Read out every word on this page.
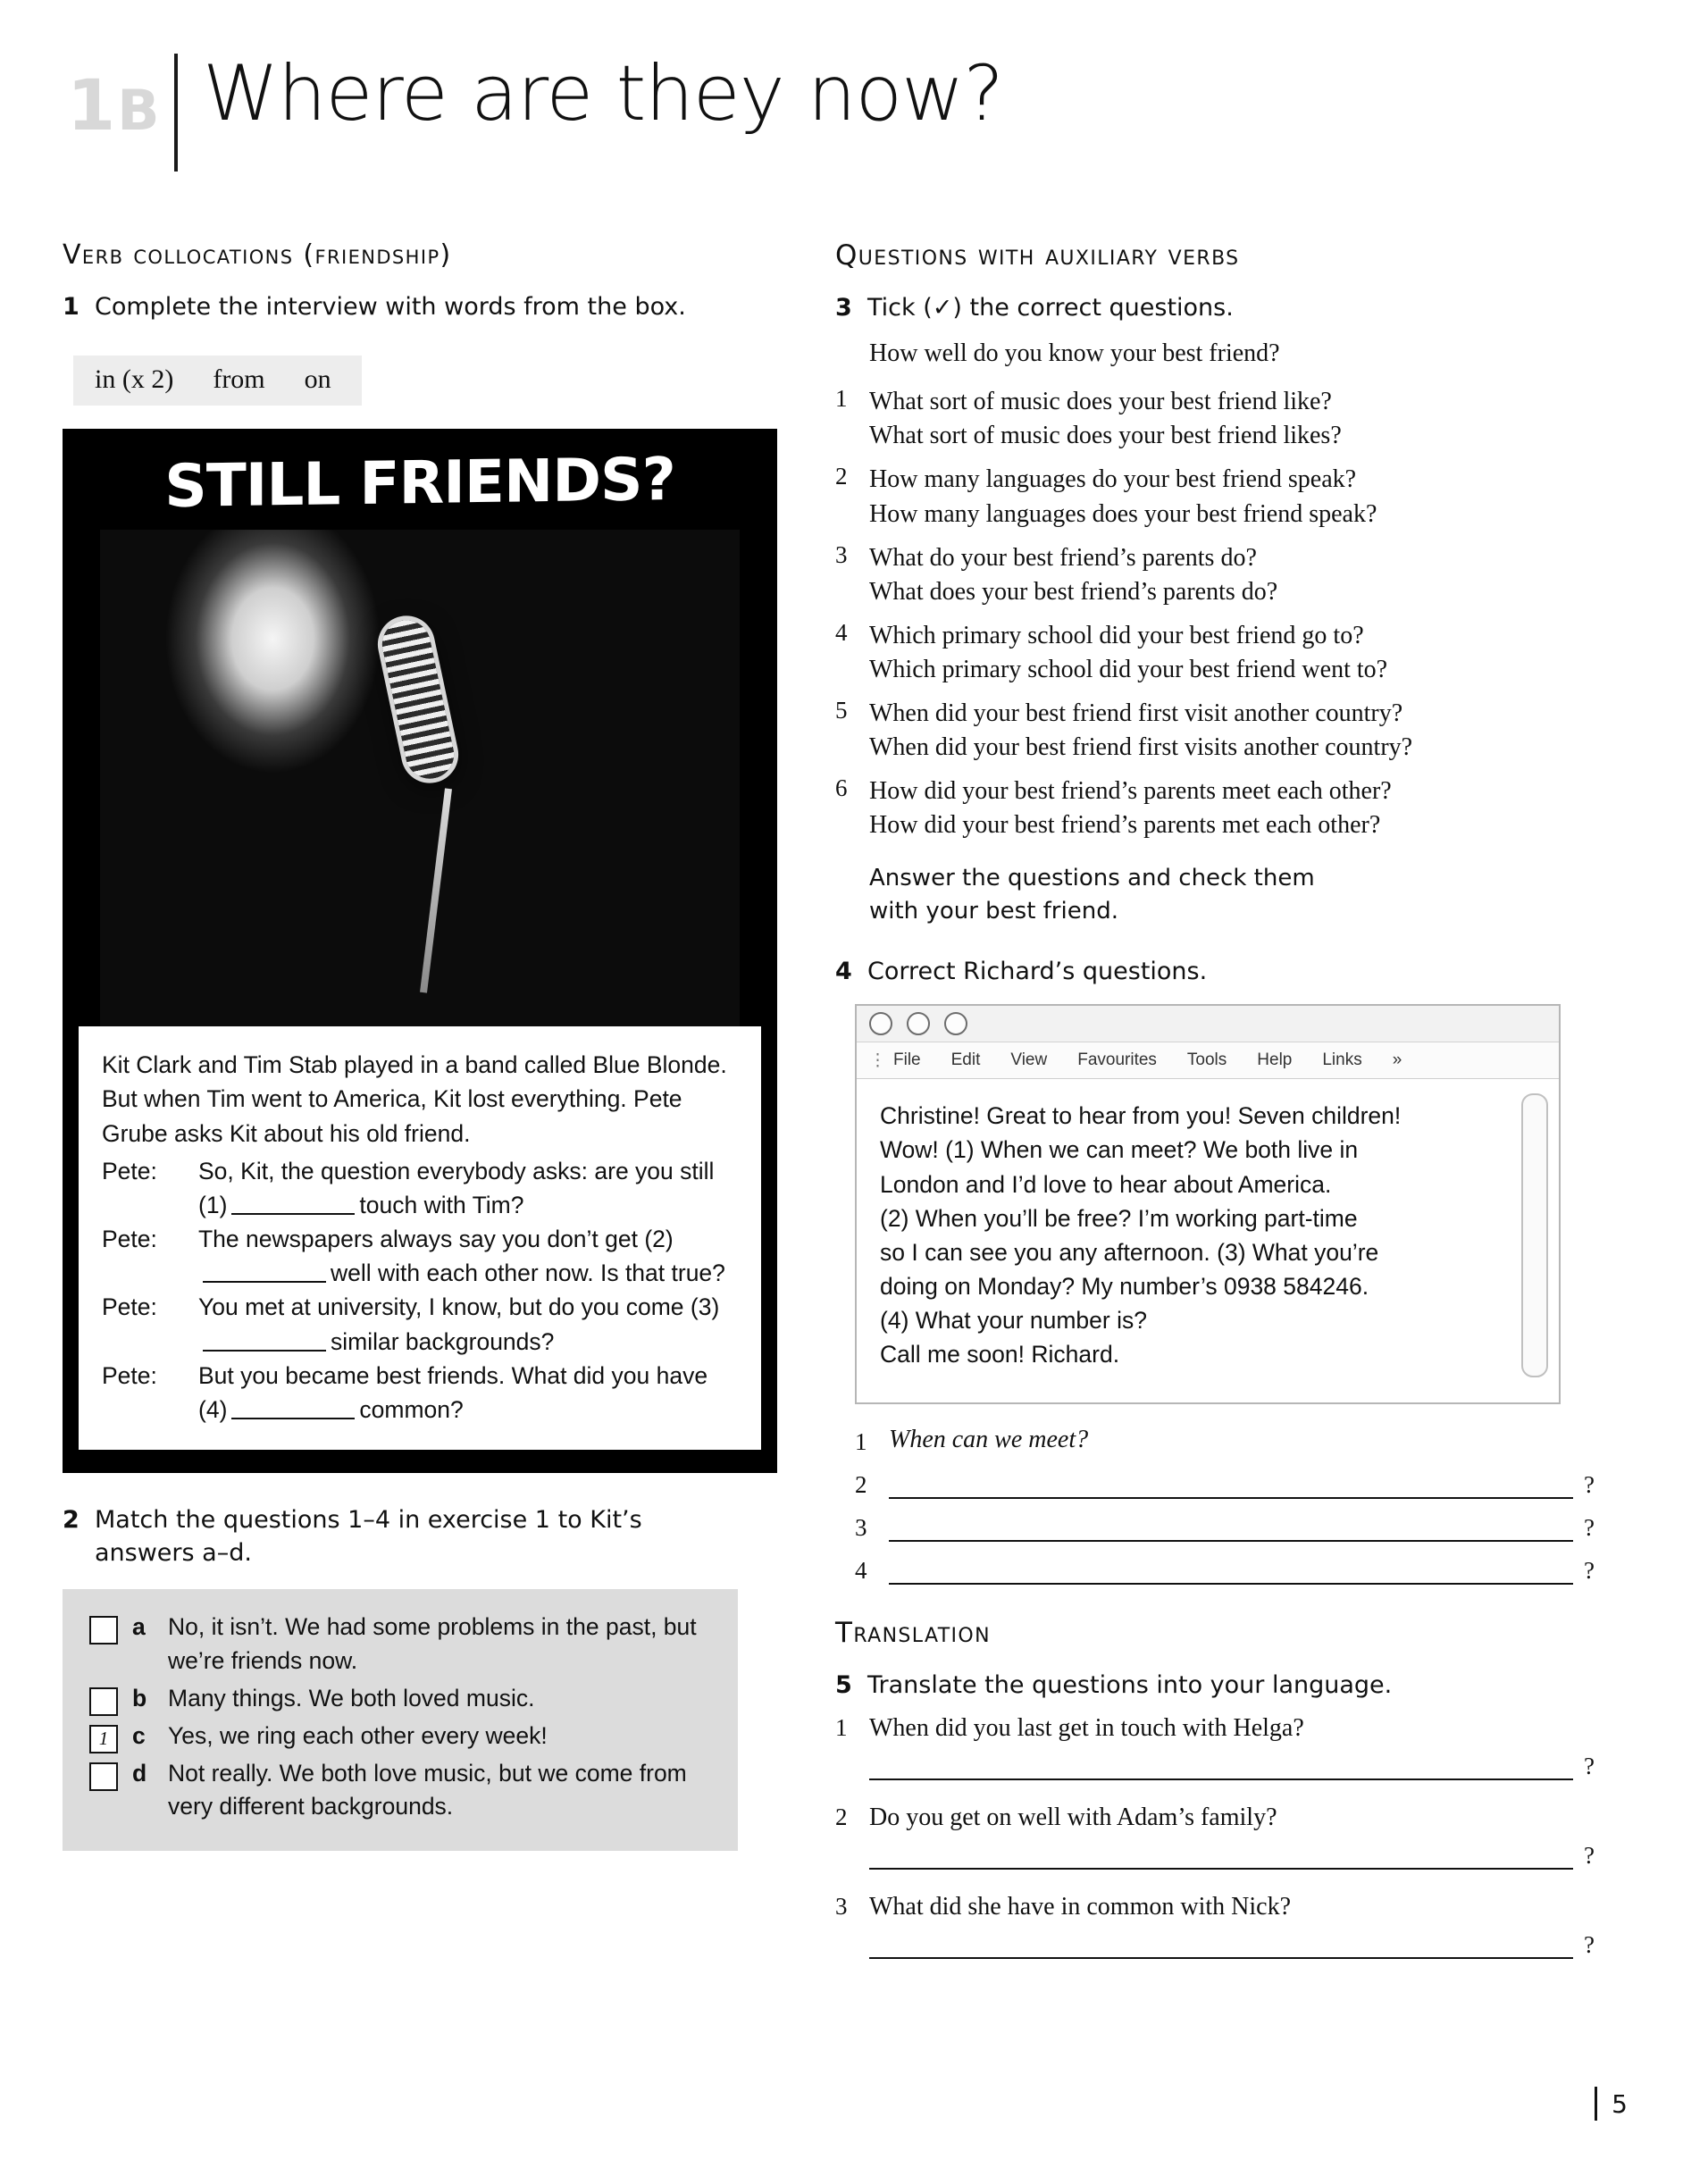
1B Where are they now?
Verb collocations (friendship)
1 Complete the interview with words from the box.
in (x 2) from on
STILL FRIENDS?

Kit Clark and Tim Stab played in a band called Blue Blonde. But when Tim went to America, Kit lost everything. Pete Grube asks Kit about his old friend.

Pete:	So, Kit, the question everybody asks: are you still (1)	touch with Tim?
Pete:	The newspapers always say you don’t get (2)well with each other now. Is that true?
Pete:	You met at university, I know, but do you come (3)similar backgrounds?
Pete:	But you became best friends. What did you have (4)	common?
2 Match the questions 1–4 in exercise 1 to Kit’s answers a–d.
a No, it isn’t. We had some problems in the past, but we’re friends now.
b Many things. We both loved music.
1	c Yes, we ring each other every week!
d Not really. We both love music, but we come from very different backgrounds.
Questions with auxiliary verbs
3 Tick (✓) the correct questions.
How well do you know your best friend?
1 What sort of music does your best friend like?
What sort of music does your best friend likes?
2 How many languages do your best friend speak?
How many languages does your best friend speak?
3 What do your best friend’s parents do?
What does your best friend’s parents do?
4 Which primary school did your best friend go to?
Which primary school did your best friend went to?
5 When did your best friend first visit another country?
When did your best friend first visits another country?
6 How did your best friend’s parents meet each other?
How did your best friend’s parents met each other?
Answer the questions and check them with your best friend.
4 Correct Richard’s questions.
⋮ File Edit View Favourites Tools Help Links »
Christine! Great to hear from you! Seven children!
Wow! (1) When we can meet? We both live in
London and I’d love to hear about America.
(2) When you’ll be free? I’m working part-time
so I can see you any afternoon. (3) What you’re
doing on Monday? My number’s 0938 584246.
(4) What your number is?
Call me soon! Richard.
1 When can we meet?
2	?
3	?
4	?
Translation
5 Translate the questions into your language.
1 When did you last get in touch with Helga?
?
2 Do you get on well with Adam’s family?
?
3 What did she have in common with Nick?
?
5
